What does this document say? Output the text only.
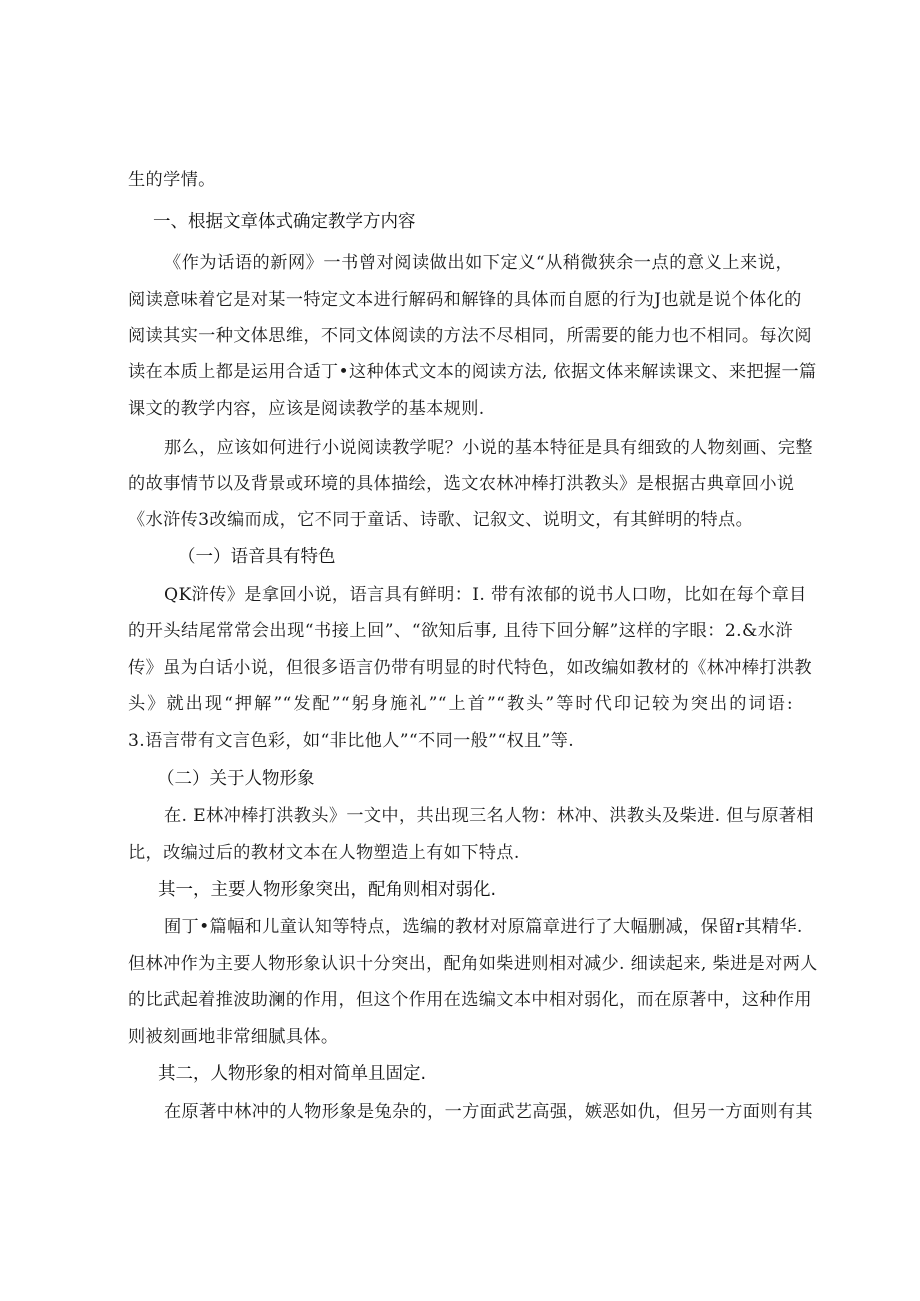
生的学情。
一、根据文章体式确定教学方内容
《作为话语的新网》一书曾对阅读做出如下定义“从稍微狭余一点的意义上来说，
阅读意味着它是对某一特定文本进行解码和解锋的具体而自愿的行为J也就是说个体化的
阅读其实一种文体思维，不同文体阅读的方法不尽相同，所需要的能力也不相同。每次阅
读在本质上都是运用合适丁•这种体式文本的阅读方法, 依据文体来解读课文、来把握一篇
课文的教学内容，应该是阅读教学的基本规则.
那么，应该如何进行小说阅读教学呢？小说的基本特征是具有细致的人物刻画、完整
的故事情节以及背景或环境的具体描绘，选文农林冲棒打洪教头》是根据古典章回小说
《水浒传3改编而成，它不同于童话、诗歌、记叙文、说明文，有其鲜明的特点。
（一）语音具有特色
QK浒传》是拿回小说，语言具有鲜明：I. 带有浓郁的说书人口吻，比如在每个章目
的开头结尾常常会出现“书接上回”、“欲知后事, 且待下回分解”这样的字眼：2.&水浒
传》虽为白话小说，但很多语言仍带有明显的时代特色，如改编如教材的《林冲棒打洪教
头》就出现“押解”“发配”“躬身施礼”“上首”“教头”等时代印记较为突出的词语:
3.语言带有文言色彩，如“非比他人”“不同一般”“权且”等.
（二）关于人物形象
在. E林冲棒打洪教头》一文中，共出现三名人物：林冲、洪教头及柴进. 但与原著相
比，改编过后的教材文本在人物塑造上有如下特点.
其一，主要人物形象突出，配角则相对弱化.
囿丁•篇幅和儿童认知等特点，选编的教材对原篇章进行了大幅删减，保留r其精华.
但林冲作为主要人物形象认识十分突出，配角如柴进则相对减少. 细读起来, 柴进是对两人
的比武起着推波助澜的作用，但这个作用在选编文本中相对弱化，而在原著中，这种作用
则被刻画地非常细腻具体。
其二，人物形象的相对简单且固定.
在原著中林冲的人物形象是兔杂的，一方面武艺高强，嫉恶如仇，但另一方面则有其
